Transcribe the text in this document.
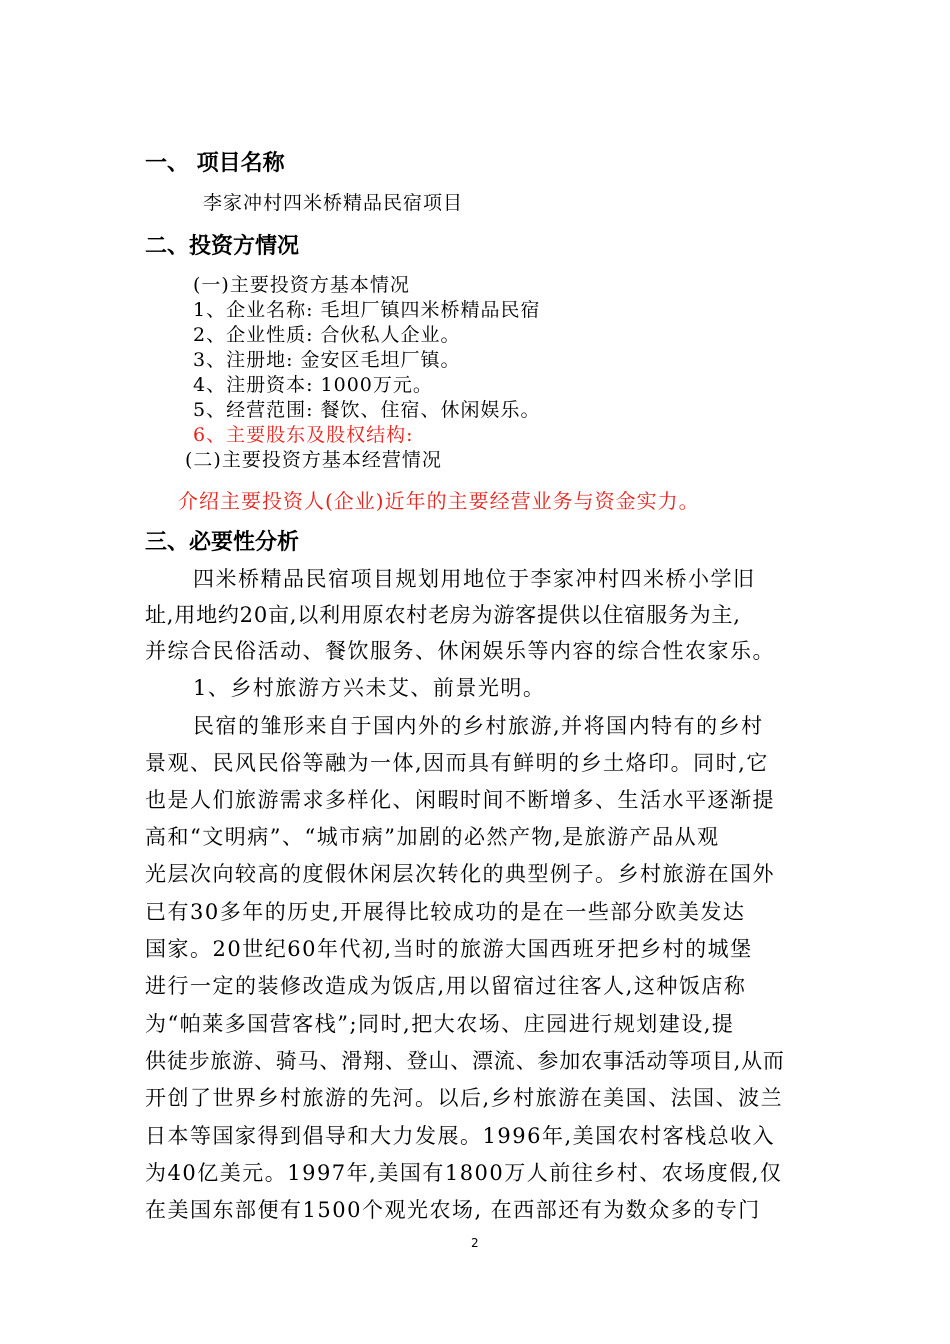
一、 项目名称
李家冲村四米桥精品民宿项目
二、投资方情况
(一)主要投资方基本情况
1、企业名称: 毛坦厂镇四米桥精品民宿
2、企业性质: 合伙私人企业。
3、注册地: 金安区毛坦厂镇。
4、注册资本: 1000万元。
5、经营范围: 餐饮、住宿、休闲娱乐。
6、主要股东及股权结构:
(二)主要投资方基本经营情况
介绍主要投资人(企业)近年的主要经营业务与资金实力。
三、必要性分析
四米桥精品民宿项目规划用地位于李家冲村四米桥小学旧
址,用地约20亩,以利用原农村老房为游客提供以住宿服务为主,
并综合民俗活动、餐饮服务、休闲娱乐等内容的综合性农家乐。
1、乡村旅游方兴未艾、前景光明。
民宿的雏形来自于国内外的乡村旅游,并将国内特有的乡村
景观、民风民俗等融为一体,因而具有鲜明的乡土烙印。同时,它
也是人们旅游需求多样化、闲暇时间不断增多、生活水平逐渐提
高和“文明病”、“城市病”加剧的必然产物,是旅游产品从观
光层次向较高的度假休闲层次转化的典型例子。乡村旅游在国外
已有30多年的历史,开展得比较成功的是在一些部分欧美发达
国家。20世纪60年代初,当时的旅游大国西班牙把乡村的城堡
进行一定的装修改造成为饭店,用以留宿过往客人,这种饭店称
为“帕莱多国营客栈”;同时,把大农场、庄园进行规划建设,提
供徒步旅游、骑马、滑翔、登山、漂流、参加农事活动等项目,从而
开创了世界乡村旅游的先河。以后,乡村旅游在美国、法国、波兰
日本等国家得到倡导和大力发展。1996年,美国农村客栈总收入
为40亿美元。1997年,美国有1800万人前往乡村、农场度假,仅
在美国东部便有1500个观光农场, 在西部还有为数众多的专门
2
